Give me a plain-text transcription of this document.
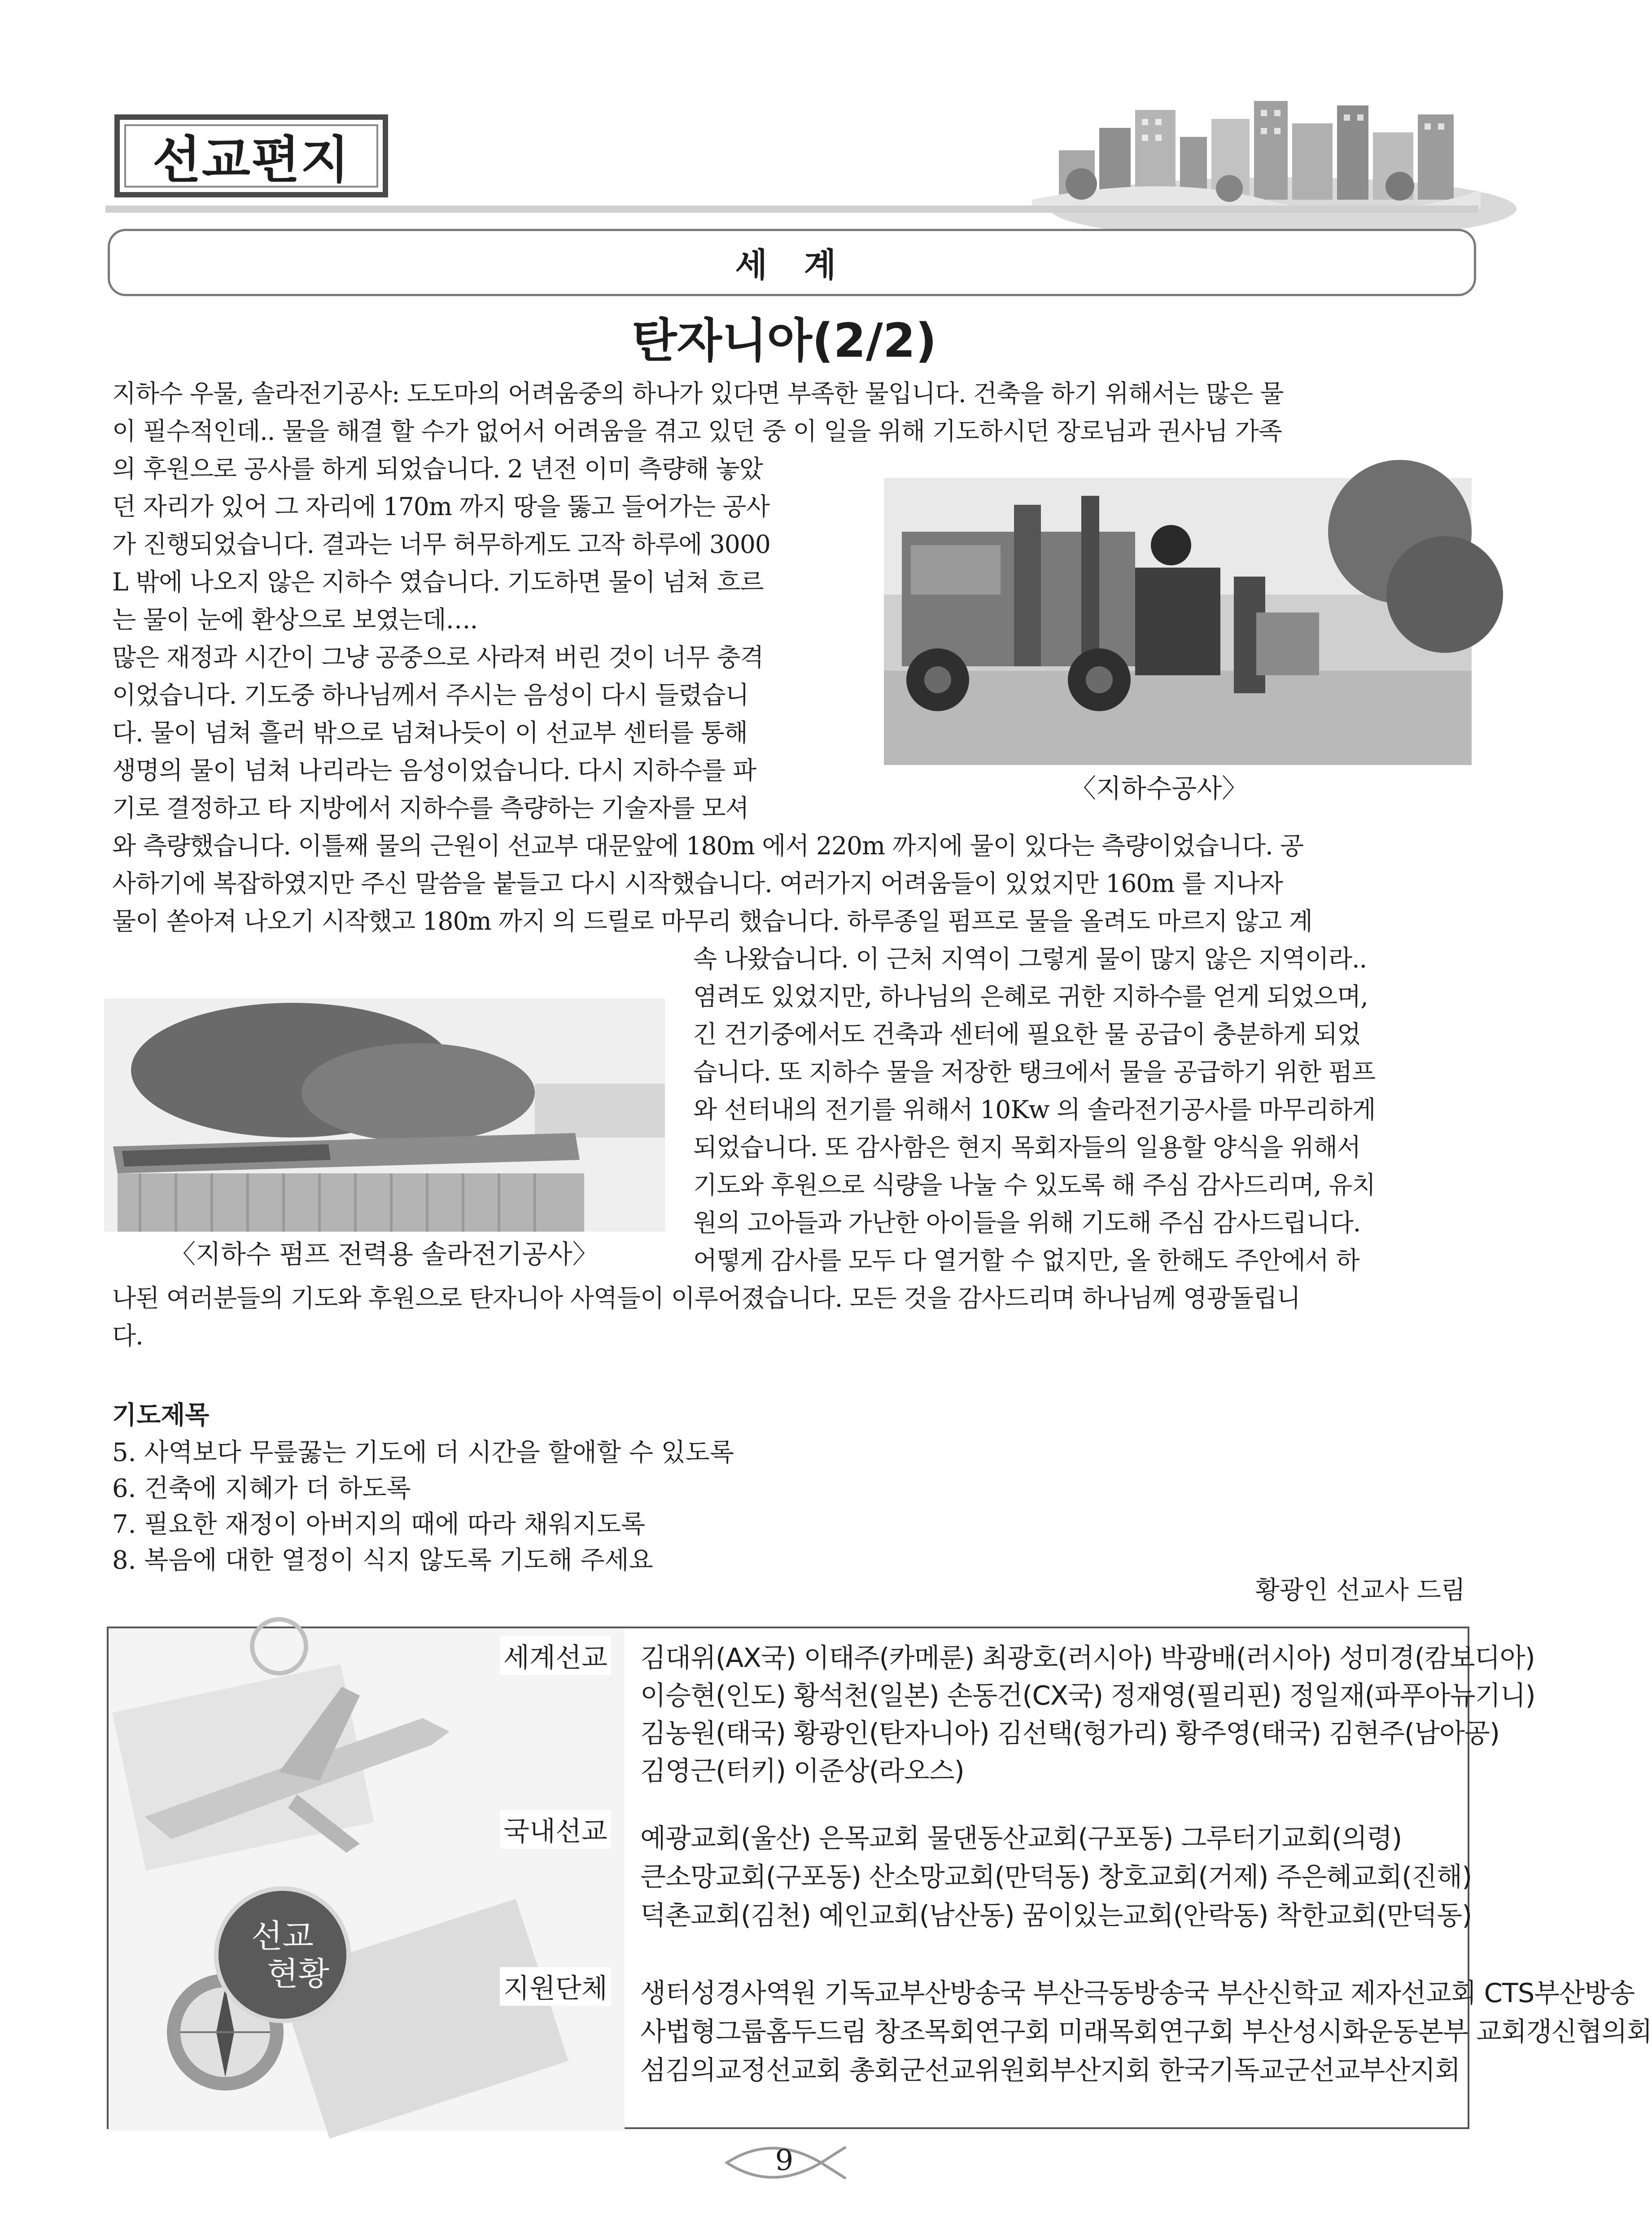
선교편지
세 계
탄자니아(2/2)
지하수 우물, 솔라전기공사: 도도마의 어려움중의 하나가 있다면 부족한 물입니다. 건축을 하기 위해서는 많은 물
이 필수적인데.. 물을 해결 할 수가 없어서 어려움을 겪고 있던 중 이 일을 위해 기도하시던 장로님과 권사님 가족
의 후원으로 공사를 하게 되었습니다. 2 년전 이미 측량해 놓았
던 자리가 있어 그 자리에 170m 까지 땅을 뚫고 들어가는 공사
가 진행되었습니다. 결과는 너무 허무하게도 고작 하루에 3000
L 밖에 나오지 않은 지하수 였습니다. 기도하면 물이 넘쳐 흐르
는 물이 눈에 환상으로 보였는데….
많은 재정과 시간이 그냥 공중으로 사라져 버린 것이 너무 충격
이었습니다. 기도중 하나님께서 주시는 음성이 다시 들렸습니
다. 물이 넘쳐 흘러 밖으로 넘쳐나듯이 이 선교부 센터를 통해
생명의 물이 넘쳐 나리라는 음성이었습니다. 다시 지하수를 파
기로 결정하고 타 지방에서 지하수를 측량하는 기술자를 모셔
와 측량했습니다. 이틀째 물의 근원이 선교부 대문앞에 180m 에서 220m 까지에 물이 있다는 측량이었습니다. 공
사하기에 복잡하였지만 주신 말씀을 붙들고 다시 시작했습니다. 여러가지 어려움들이 있었지만 160m 를 지나자
물이 쏟아져 나오기 시작했고 180m 까지 의 드릴로 마무리 했습니다. 하루종일 펌프로 물을 올려도 마르지 않고 계
속 나왔습니다. 이 근처 지역이 그렇게 물이 많지 않은 지역이라..
염려도 있었지만, 하나님의 은혜로 귀한 지하수를 얻게 되었으며,
긴 건기중에서도 건축과 센터에 필요한 물 공급이 충분하게 되었
습니다. 또 지하수 물을 저장한 탱크에서 물을 공급하기 위한 펌프
와 선터내의 전기를 위해서 10Kw 의 솔라전기공사를 마무리하게
되었습니다. 또 감사함은 현지 목회자들의 일용할 양식을 위해서
기도와 후원으로 식량을 나눌 수 있도록 해 주심 감사드리며, 유치
원의 고아들과 가난한 아이들을 위해 기도해 주심 감사드립니다.
어떻게 감사를 모두 다 열거할 수 없지만, 올 한해도 주안에서 하
나된 여러분들의 기도와 후원으로 탄자니아 사역들이 이루어졌습니다. 모든 것을 감사드리며 하나님께 영광돌립니
다.
〈지하수공사〉
〈지하수 펌프 전력용 솔라전기공사〉
기도제목
5. 사역보다 무릎꿇는 기도에 더 시간을 할애할 수 있도록
6. 건축에 지혜가 더 하도록
7. 필요한 재정이 아버지의 때에 따라 채워지도록
8. 복음에 대한 열정이 식지 않도록 기도해 주세요
황광인 선교사 드림
선교
현황
세계선교 김대위(AX국) 이태주(카메룬) 최광호(러시아) 박광배(러시아) 성미경(캄보디아)
이승현(인도) 황석천(일본) 손동건(CX국) 정재영(필리핀) 정일재(파푸아뉴기니)
김농원(태국) 황광인(탄자니아) 김선택(헝가리) 황주영(태국) 김현주(남아공)
김영근(터키) 이준상(라오스)
국내선교 예광교회(울산) 은목교회 물댄동산교회(구포동) 그루터기교회(의령)
큰소망교회(구포동) 산소망교회(만덕동) 창호교회(거제) 주은혜교회(진해)
덕촌교회(김천) 예인교회(남산동) 꿈이있는교회(안락동) 착한교회(만덕동)
지원단체 생터성경사역원 기독교부산방송국 부산극동방송국 부산신학교 제자선교회 CTS부산방송
사법형그룹홈두드림 창조목회연구회 미래목회연구회 부산성시화운동본부 교회갱신협의회
섬김의교정선교회 총회군선교위원회부산지회 한국기독교군선교부산지회
9
